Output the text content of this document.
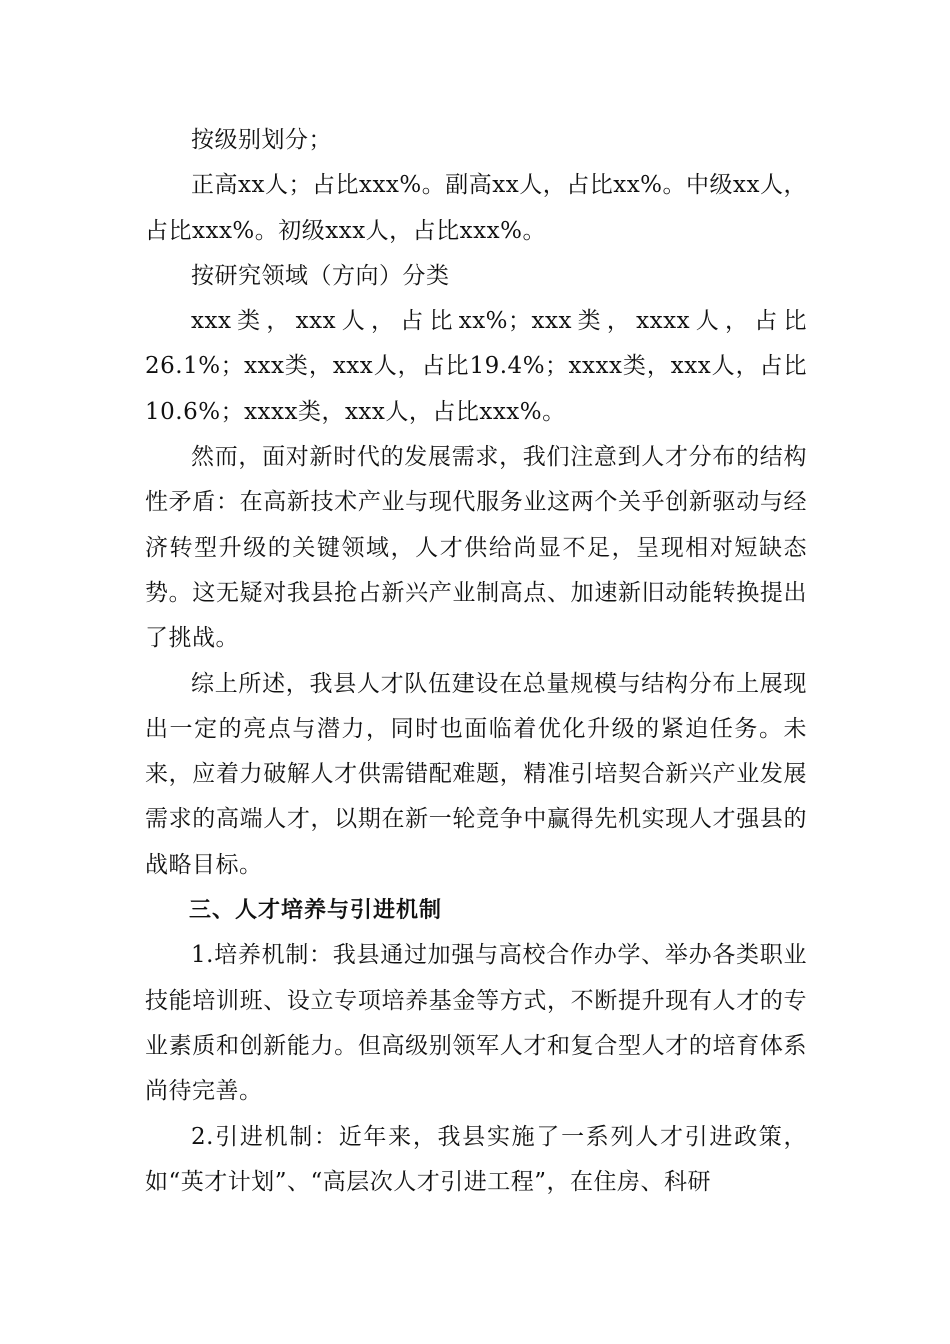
按级别划分；

正高xx人；占比xxx%。副高xx人，占比xx%。中级xx人，占比xxx%。初级xxx人，占比xxx%。

按研究领域（方向）分类

xxx类，xxx人，占比xx%；xxx类，xxxx人，占比26.1%；xxx类，xxx人，占比19.4%；xxxx类，xxx人，占比10.6%；xxxx类，xxx人，占比xxx%。

然而，面对新时代的发展需求，我们注意到人才分布的结构性矛盾：在高新技术产业与现代服务业这两个关乎创新驱动与经济转型升级的关键领域，人才供给尚显不足，呈现相对短缺态势。这无疑对我县抢占新兴产业制高点、加速新旧动能转换提出了挑战。

综上所述，我县人才队伍建设在总量规模与结构分布上展现出一定的亮点与潜力，同时也面临着优化升级的紧迫任务。未来，应着力破解人才供需错配难题，精准引培契合新兴产业发展需求的高端人才，以期在新一轮竞争中赢得先机实现人才强县的战略目标。

三、人才培养与引进机制

1.培养机制：我县通过加强与高校合作办学、举办各类职业技能培训班、设立专项培养基金等方式，不断提升现有人才的专业素质和创新能力。但高级别领军人才和复合型人才的培育体系尚待完善。

2.引进机制：近年来，我县实施了一系列人才引进政策，如“英才计划”、“高层次人才引进工程”，在住房、科研
